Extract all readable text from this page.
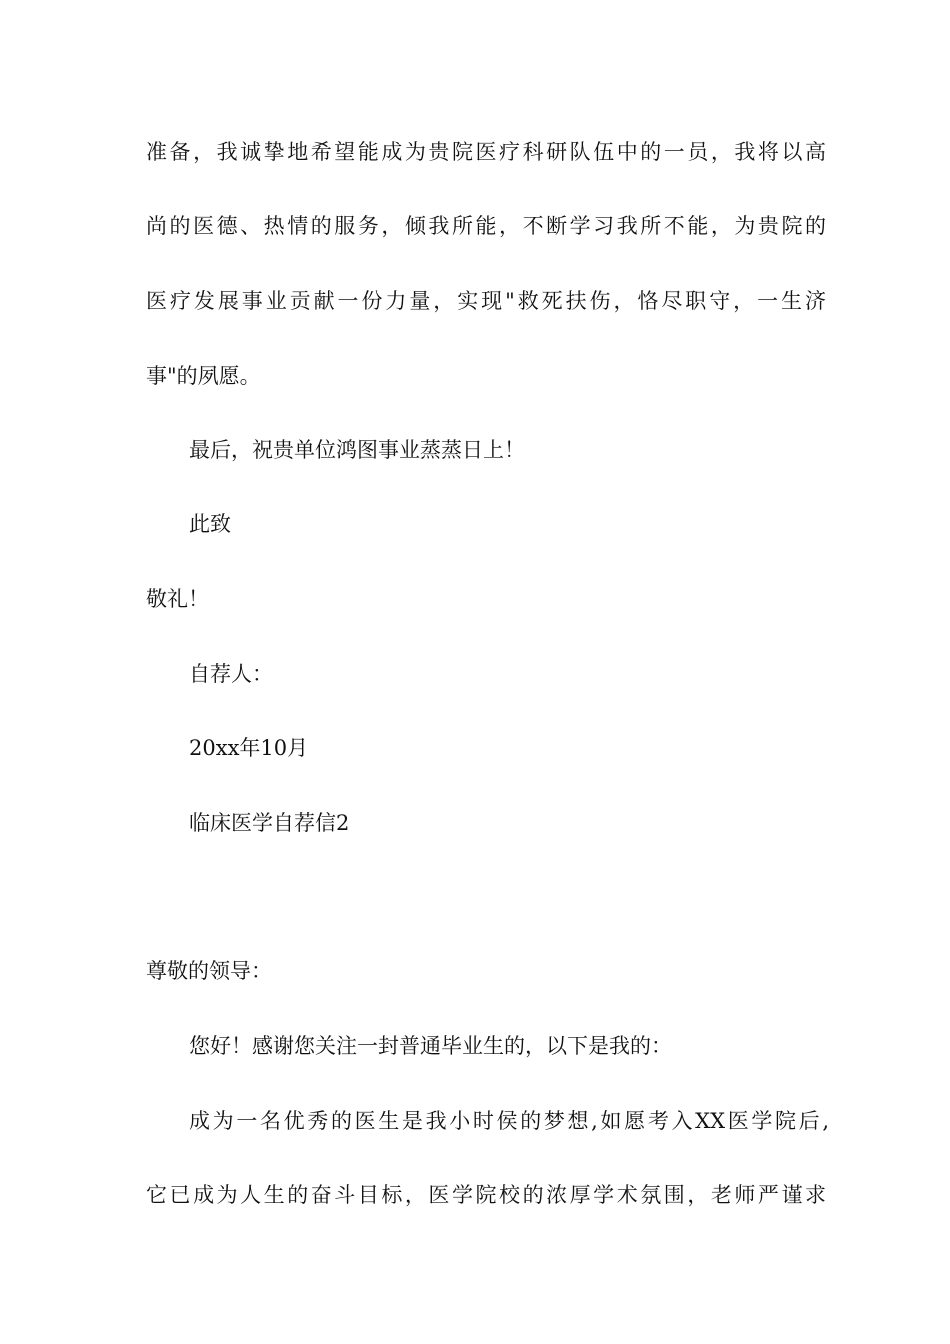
准备，我诚挚地希望能成为贵院医疗科研队伍中的一员，我将以高
尚的医德、热情的服务，倾我所能，不断学习我所不能，为贵院的
医疗发展事业贡献一份力量，实现"救死扶伤，恪尽职守，一生济
事"的夙愿。
最后，祝贵单位鸿图事业蒸蒸日上！
此致
敬礼！
自荐人：
20xx年10月
临床医学自荐信2
尊敬的领导：
您好！感谢您关注一封普通毕业生的，以下是我的：
成为一名优秀的医生是我小时侯的梦想,如愿考入XX医学院后,
它已成为人生的奋斗目标，医学院校的浓厚学术氛围，老师严谨求
